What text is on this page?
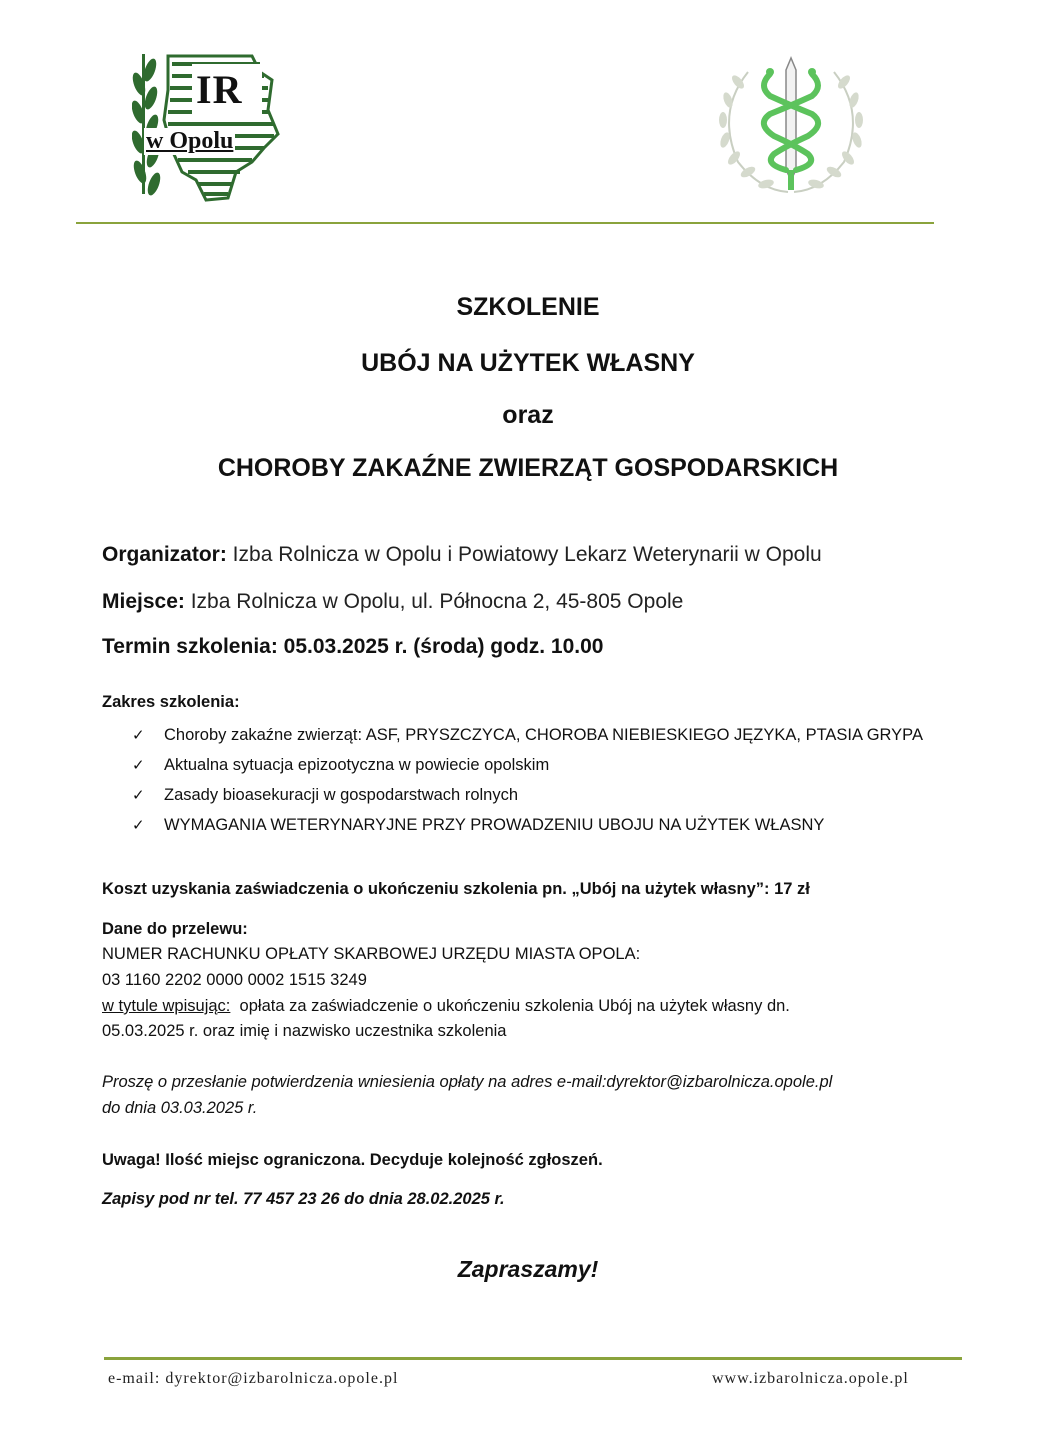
IR
w Opolu
SZKOLENIE
UBÓJ NA UŻYTEK WŁASNY
oraz
CHOROBY ZAKAŹNE ZWIERZĄT GOSPODARSKICH
Organizator: Izba Rolnicza w Opolu i Powiatowy Lekarz Weterynarii w Opolu
Miejsce: Izba Rolnicza w Opolu, ul. Północna 2, 45-805 Opole
Termin szkolenia: 05.03.2025 r. (środa) godz. 10.00
Zakres szkolenia:
✓ Choroby zakaźne zwierząt: ASF, PRYSZCZYCA, CHOROBA NIEBIESKIEGO JĘZYKA, PTASIA GRYPA
✓ Aktualna sytuacja epizootyczna w powiecie opolskim
✓ Zasady bioasekuracji w gospodarstwach rolnych
✓ WYMAGANIA WETERYNARYJNE PRZY PROWADZENIU UBOJU NA UŻYTEK WŁASNY
Koszt uzyskania zaświadczenia o ukończeniu szkolenia pn. „Ubój na użytek własny”: 17 zł
Dane do przelewu:
NUMER RACHUNKU OPŁATY SKARBOWEJ URZĘDU MIASTA OPOLA:
03 1160 2202 0000 0002 1515 3249
w tytule wpisując:  opłata za zaświadczenie o ukończeniu szkolenia Ubój na użytek własny dn.
05.03.2025 r. oraz imię i nazwisko uczestnika szkolenia
Proszę o przesłanie potwierdzenia wniesienia opłaty na adres e-mail:dyrektor@izbarolnicza.opole.pl
do dnia 03.03.2025 r.
Uwaga! Ilość miejsc ograniczona. Decyduje kolejność zgłoszeń.
Zapisy pod nr tel. 77 457 23 26 do dnia 28.02.2025 r.
Zapraszamy!
e-mail: dyrektor@izbarolnicza.opole.pl	www.izbarolnicza.opole.pl
